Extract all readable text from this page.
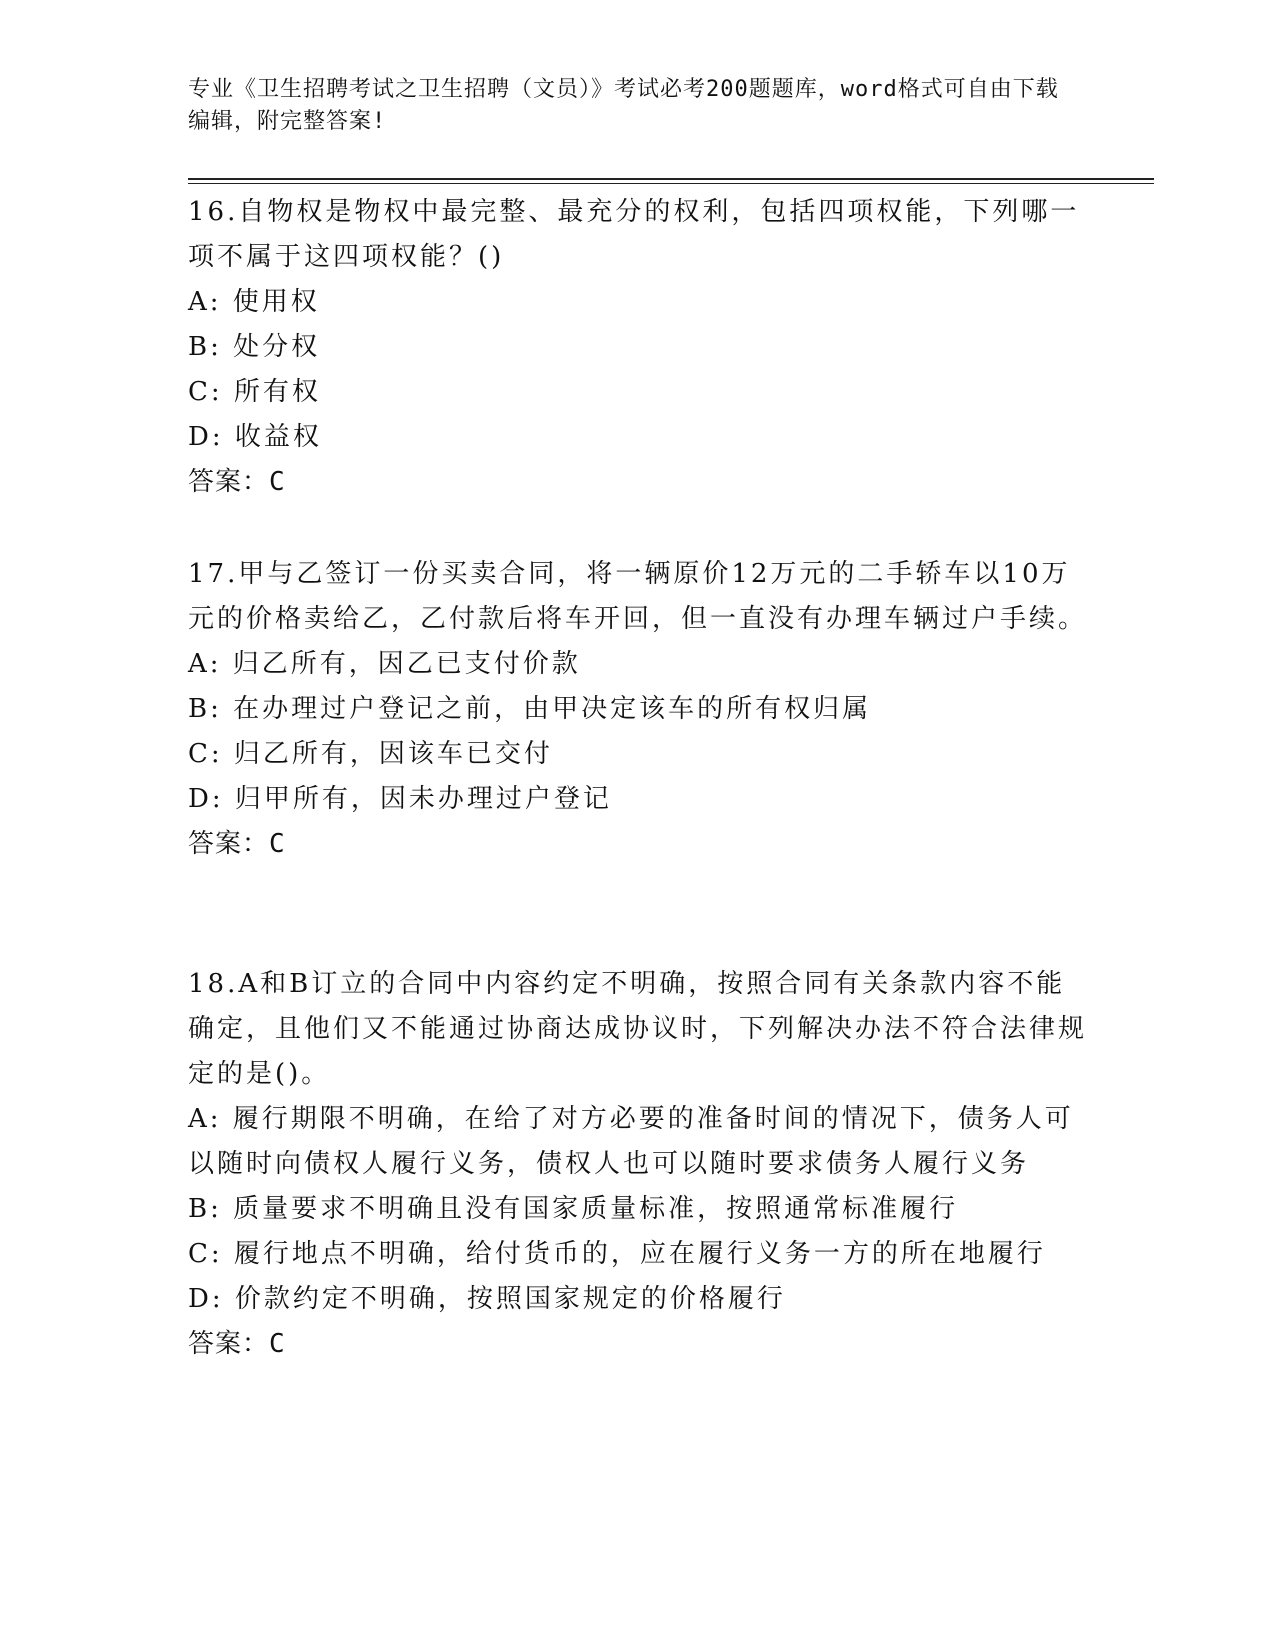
专业《卫生招聘考试之卫生招聘（文员）》考试必考200题题库，word格式可自由下载编辑，附完整答案!

16.自物权是物权中最完整、最充分的权利，包括四项权能，下列哪一项不属于这四项权能？()

A: 使用权

B: 处分权

C: 所有权

D: 收益权

答案：C

17.甲与乙签订一份买卖合同，将一辆原价12万元的二手轿车以10万元的价格卖给乙，乙付款后将车开回，但一直没有办理车辆过户手续。

A: 归乙所有，因乙已支付价款

B: 在办理过户登记之前，由甲决定该车的所有权归属

C: 归乙所有，因该车已交付

D: 归甲所有，因未办理过户登记

答案：C

18.A和B订立的合同中内容约定不明确，按照合同有关条款内容不能确定，且他们又不能通过协商达成协议时，下列解决办法不符合法律规定的是()。

A: 履行期限不明确，在给了对方必要的准备时间的情况下，债务人可以随时向债权人履行义务，债权人也可以随时要求债务人履行义务

B: 质量要求不明确且没有国家质量标准，按照通常标准履行

C: 履行地点不明确，给付货币的，应在履行义务一方的所在地履行

D: 价款约定不明确，按照国家规定的价格履行

答案：C
